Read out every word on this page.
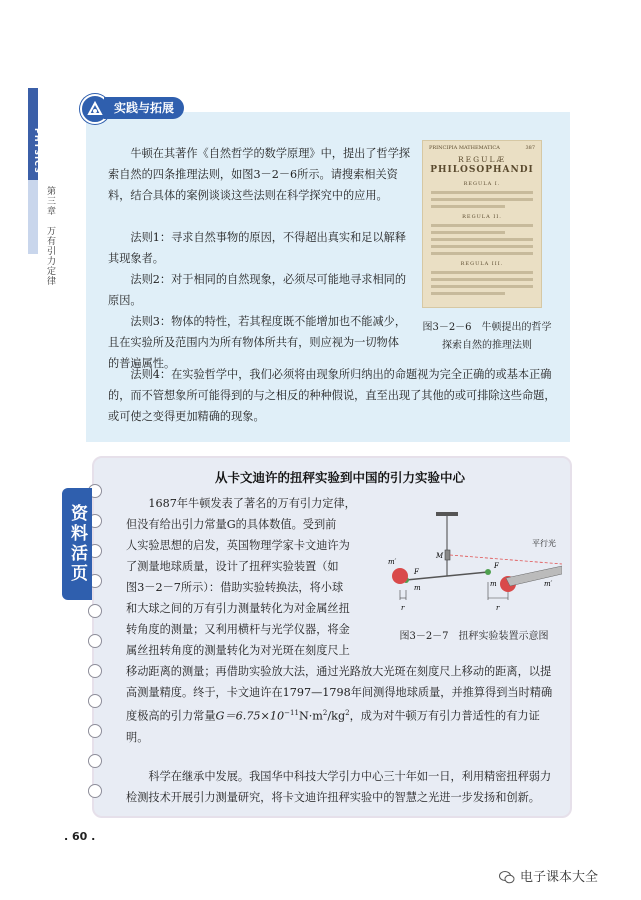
PHYSICS
第三章　万有引力定律
实践与拓展

牛顿在其著作《自然哲学的数学原理》中，提出了哲学探索自然的四条推理法则，如图3－2－6所示。请搜索相关资料，结合具体的案例谈谈这些法则在科学探究中的应用。

法则1：寻求自然事物的原因，不得超出真实和足以解释其现象者。

法则2：对于相同的自然现象，必须尽可能地寻求相同的原因。

法则3：物体的特性，若其程度既不能增加也不能减少，且在实验所及范围内为所有物体所共有，则应视为一切物体的普遍属性。

法则4：在实验哲学中，我们必须将由现象所归纳出的命题视为完全正确的或基本正确的，而不管想象所可能得到的与之相反的种种假说，直至出现了其他的或可排除这些命题，或可使之变得更加精确的现象。

PRINCIPIA MATHEMATICA	387
REGULÆ
PHILOSOPHANDI
REGULA I.
REGULA II.
REGULA III.
图3－2－6　牛顿提出的哲学
探索自然的推理法则
资料活页
从卡文迪许的扭秤实验到中国的引力实验中心
1687年牛顿发表了著名的万有引力定律，
但没有给出引力常量G的具体数值。受到前
人实验思想的启发，英国物理学家卡文迪许为
了测量地球质量，设计了扭秤实验装置（如
图3－2－7所示）：借助实验转换法，将小球
和大球之间的万有引力测量转化为对金属丝扭
转角度的测量；又利用横杆与光学仪器，将金
属丝扭转角度的测量转化为对光斑在刻度尺上

移动距离的测量；再借助实验放大法，通过光路放大光斑在刻度尺上移动的距离，以提高测量精度。终于，卡文迪许在1797—1798年间测得地球质量，并推算得到当时精确度极高的引力常量$G=6.75\times 10^{-11}N\cdot m^2/kg^2$，成为对牛顿万有引力普适性的有力证明。

科学在继承中发展。我国华中科技大学引力中心三十年如一日，利用精密扭秤弱力检测技术开展引力测量研究，将卡文迪许扭秤实验中的智慧之光进一步发扬和创新。

平行光
M
m′
m′
m	m
F
F
r	r
图3－2－7　扭秤实验装置示意图
. 60 .
电子课本大全
